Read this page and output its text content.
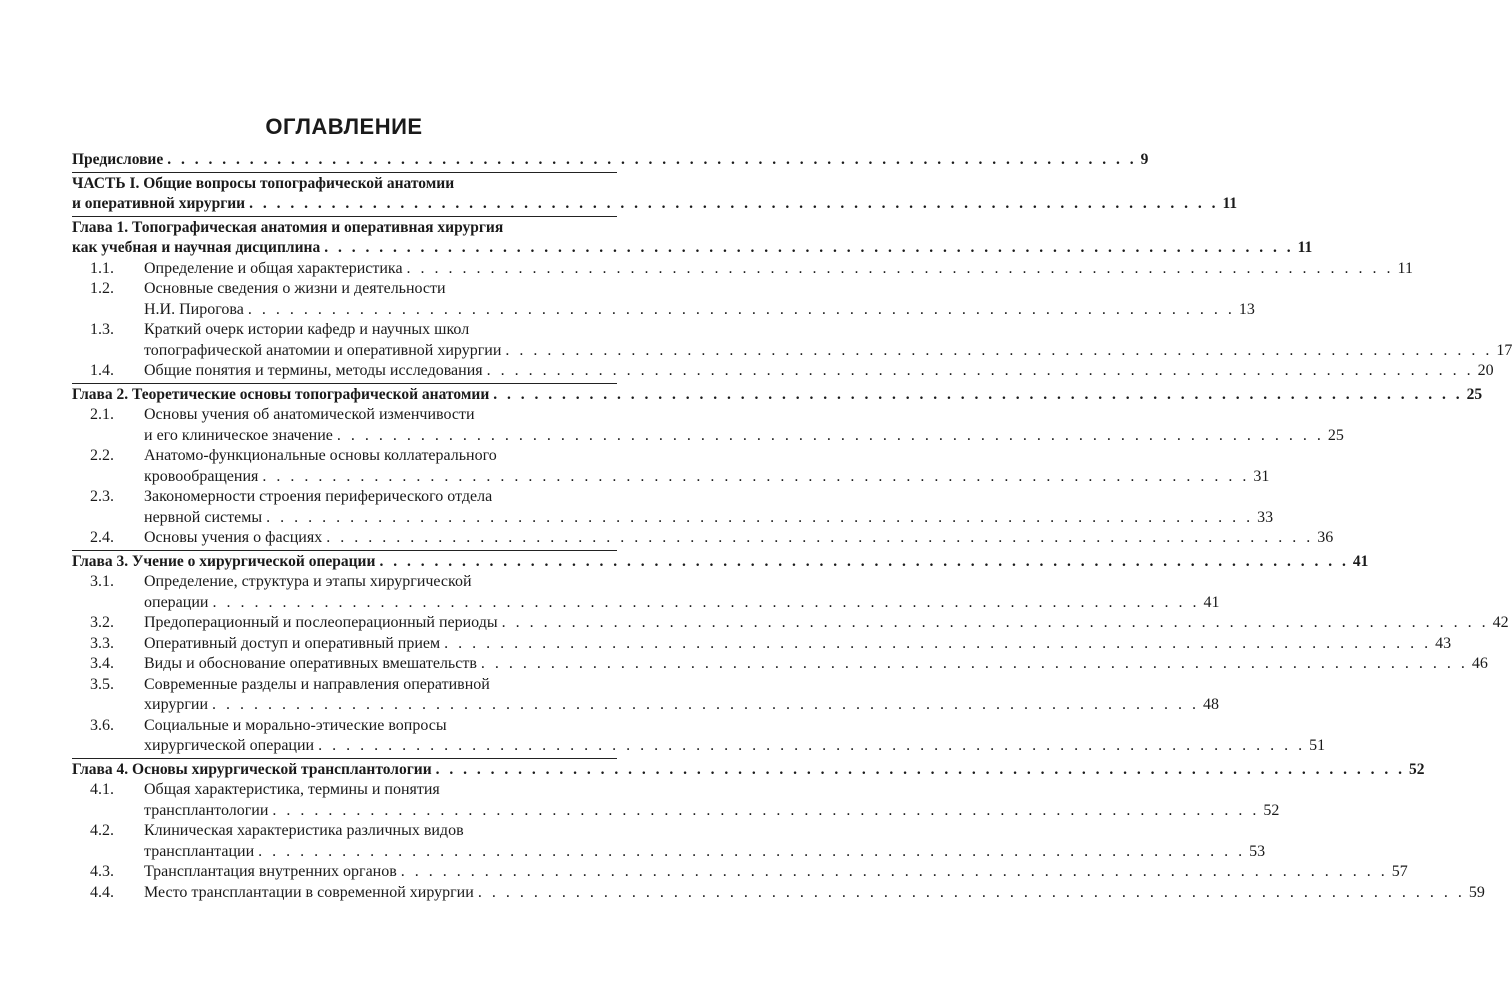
ОГЛАВЛЕНИЕ
Предисловие . . . . . . . . . . . . . . . . . . . . . . . . . . . . . . . . . . . . . . . . . . . . . . . . . . . . . . . . . . . . . . . . . . . . . . . 9
ЧАСТЬ I. Общие вопросы топографической анатомии
и оперативной хирургии . . . . . . . . . . . . . . . . . . . . . . . . . . . . . . . . . . . . . . . . . . . . . . . . . . . . . . . . . . . . . . . . . . . . . . . 11
Глава 1. Топографическая анатомия и оперативная хирургия
как учебная и научная дисциплина . . . . . . . . . . . . . . . . . . . . . . . . . . . . . . . . . . . . . . . . . . . . . . . . . . . . . . . . . . . . . . . . . . . . . . . 11
1.1.	Определение и общая характеристика . . . . . . . . . . . . . . . . . . . . . . . . . . . . . . . . . . . . . . . . . . . . . . . . . . . . . . . . . . . . . . . . . . . . . . . 11
1.2.	Основные сведения о жизни и деятельности
Н.И. Пирогова . . . . . . . . . . . . . . . . . . . . . . . . . . . . . . . . . . . . . . . . . . . . . . . . . . . . . . . . . . . . . . . . . . . . . . . 13
1.3.	Краткий очерк истории кафедр и научных школ
топографической анатомии и оперативной хирургии . . . . . . . . . . . . . . . . . . . . . . . . . . . . . . . . . . . . . . . . . . . . . . . . . . . . . . . . . . . . . . . . . . . . . . . 17
1.4.	Общие понятия и термины, методы исследования . . . . . . . . . . . . . . . . . . . . . . . . . . . . . . . . . . . . . . . . . . . . . . . . . . . . . . . . . . . . . . . . . . . . . . . 20
Глава 2. Теоретические основы топографической анатомии . . . . . . . . . . . . . . . . . . . . . . . . . . . . . . . . . . . . . . . . . . . . . . . . . . . . . . . . . . . . . . . . . . . . . . . 25
2.1.	Основы учения об анатомической изменчивости
и его клиническое значение . . . . . . . . . . . . . . . . . . . . . . . . . . . . . . . . . . . . . . . . . . . . . . . . . . . . . . . . . . . . . . . . . . . . . . . 25
2.2.	Анатомо-функциональные основы коллатерального
кровообращения . . . . . . . . . . . . . . . . . . . . . . . . . . . . . . . . . . . . . . . . . . . . . . . . . . . . . . . . . . . . . . . . . . . . . . . 31
2.3.	Закономерности строения периферического отдела
нервной системы . . . . . . . . . . . . . . . . . . . . . . . . . . . . . . . . . . . . . . . . . . . . . . . . . . . . . . . . . . . . . . . . . . . . . . . 33
2.4.	Основы учения о фасциях . . . . . . . . . . . . . . . . . . . . . . . . . . . . . . . . . . . . . . . . . . . . . . . . . . . . . . . . . . . . . . . . . . . . . . . 36
Глава 3. Учение о хирургической операции . . . . . . . . . . . . . . . . . . . . . . . . . . . . . . . . . . . . . . . . . . . . . . . . . . . . . . . . . . . . . . . . . . . . . . . 41
3.1.	Определение, структура и этапы хирургической
операции . . . . . . . . . . . . . . . . . . . . . . . . . . . . . . . . . . . . . . . . . . . . . . . . . . . . . . . . . . . . . . . . . . . . . . . 41
3.2.	Предоперационный и послеоперационный периоды . . . . . . . . . . . . . . . . . . . . . . . . . . . . . . . . . . . . . . . . . . . . . . . . . . . . . . . . . . . . . . . . . . . . . . . 42
3.3.	Оперативный доступ и оперативный прием . . . . . . . . . . . . . . . . . . . . . . . . . . . . . . . . . . . . . . . . . . . . . . . . . . . . . . . . . . . . . . . . . . . . . . . 43
3.4.	Виды и обоснование оперативных вмешательств . . . . . . . . . . . . . . . . . . . . . . . . . . . . . . . . . . . . . . . . . . . . . . . . . . . . . . . . . . . . . . . . . . . . . . . 46
3.5.	Современные разделы и направления оперативной
хирургии . . . . . . . . . . . . . . . . . . . . . . . . . . . . . . . . . . . . . . . . . . . . . . . . . . . . . . . . . . . . . . . . . . . . . . . 48
3.6.	Социальные и морально-этические вопросы
хирургической операции . . . . . . . . . . . . . . . . . . . . . . . . . . . . . . . . . . . . . . . . . . . . . . . . . . . . . . . . . . . . . . . . . . . . . . . 51
Глава 4. Основы хирургической трансплантологии . . . . . . . . . . . . . . . . . . . . . . . . . . . . . . . . . . . . . . . . . . . . . . . . . . . . . . . . . . . . . . . . . . . . . . . 52
4.1.	Общая характеристика, термины и понятия
трансплантологии . . . . . . . . . . . . . . . . . . . . . . . . . . . . . . . . . . . . . . . . . . . . . . . . . . . . . . . . . . . . . . . . . . . . . . . 52
4.2.	Клиническая характеристика различных видов
трансплантации . . . . . . . . . . . . . . . . . . . . . . . . . . . . . . . . . . . . . . . . . . . . . . . . . . . . . . . . . . . . . . . . . . . . . . . 53
4.3.	Трансплантация внутренних органов . . . . . . . . . . . . . . . . . . . . . . . . . . . . . . . . . . . . . . . . . . . . . . . . . . . . . . . . . . . . . . . . . . . . . . . 57
4.4.	Место трансплантации в современной хирургии . . . . . . . . . . . . . . . . . . . . . . . . . . . . . . . . . . . . . . . . . . . . . . . . . . . . . . . . . . . . . . . . . . . . . . . 59
